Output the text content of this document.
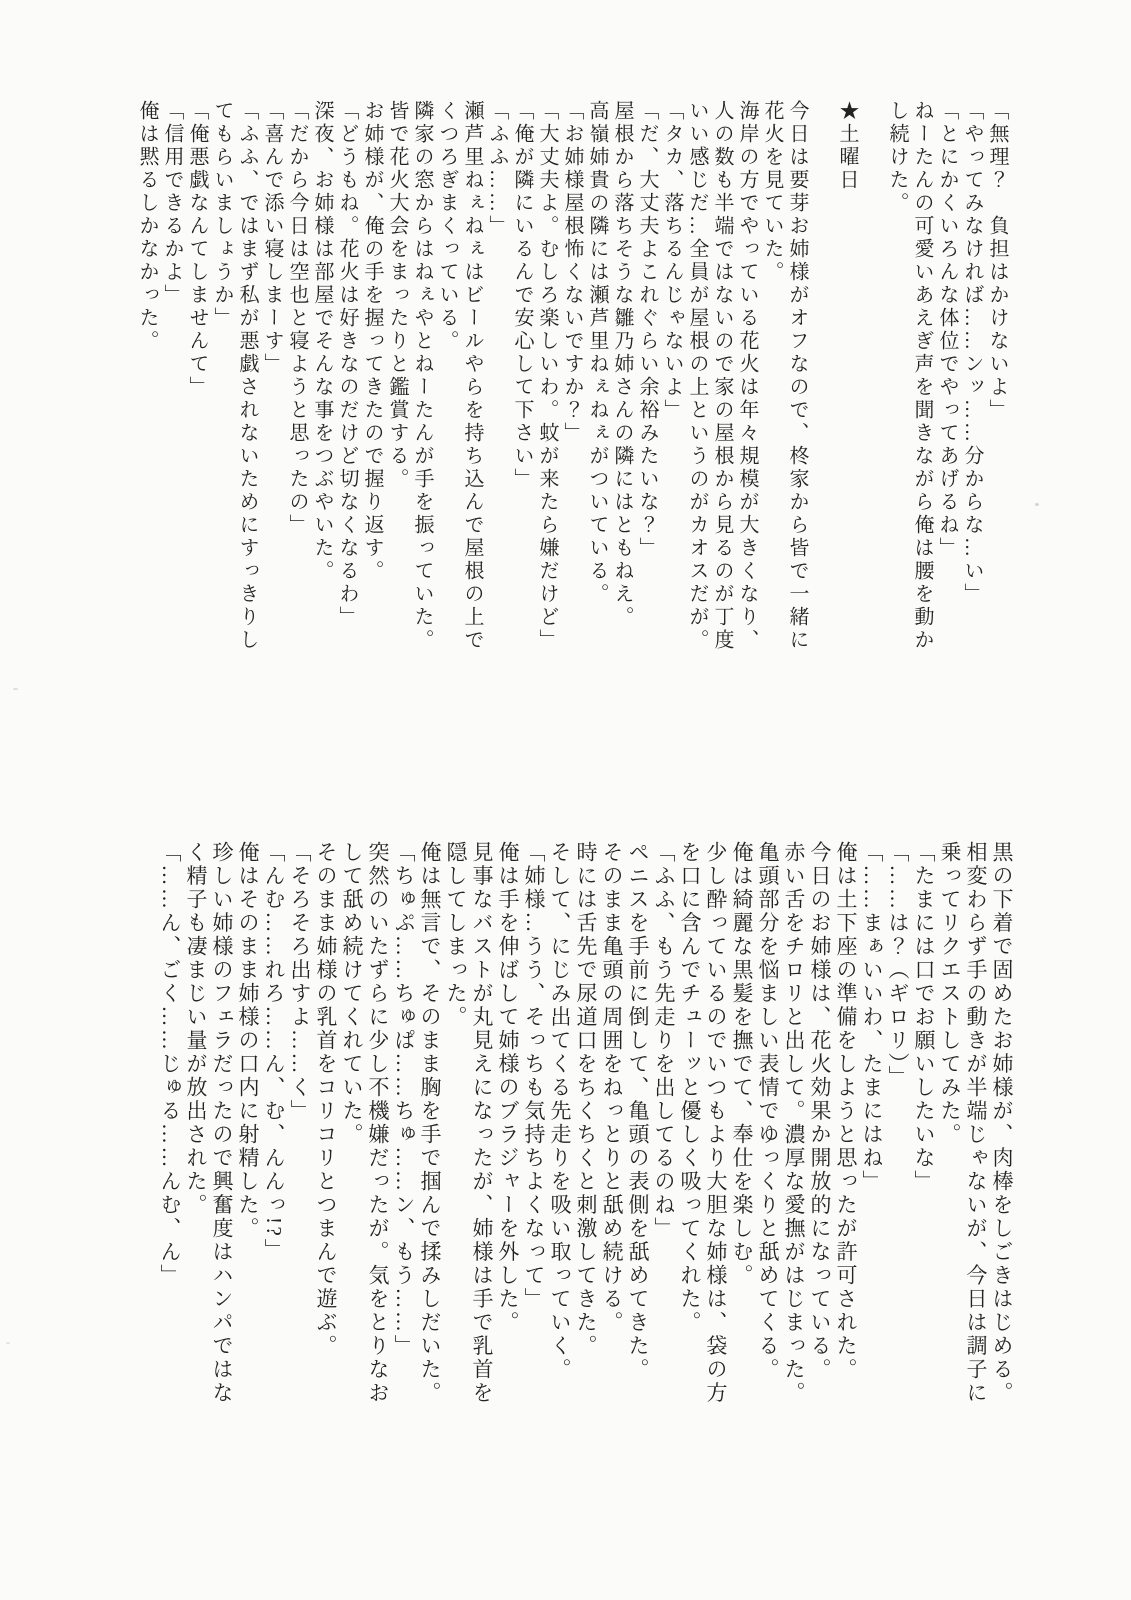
「無理？　負担はかけないよ」
「やってみなければ……ンッ……分からな…い」
「とにかくいろんな体位でやってあげるね」
ねーたんの可愛いあえぎ声を聞きながら俺は腰を動か
し続けた。
★土曜日
今日は要芽お姉様がオフなので、柊家から皆で一緒に
花火を見ていた。
海岸の方でやっている花火は年々規模が大きくなり、
人の数も半端ではないので家の屋根から見るのが丁度
いい感じだ…全員が屋根の上というのがカオスだが。
「タカ、落ちるんじゃないよ」
「だ、大丈夫よこれぐらい余裕みたいな？」
屋根から落ちそうな雛乃姉さんの隣にはともねえ。
高嶺姉貴の隣には瀬芦里ねぇねぇがついている。
「お姉様屋根怖くないですか？」
「大丈夫よ。むしろ楽しいわ。蚊が来たら嫌だけど」
「俺が隣にいるんで安心して下さい」
「ふふ……」
瀬芦里ねぇねぇはビールやらを持ち込んで屋根の上で
くつろぎまくっている。
隣家の窓からはねぇやとねーたんが手を振っていた。
皆で花火大会をまったりと鑑賞する。
お姉様が、俺の手を握ってきたので握り返す。
「どうもね。花火は好きなのだけど切なくなるわ」
深夜、お姉様は部屋でそんな事をつぶやいた。
「だから今日は空也と寝ようと思ったの」
「喜んで添い寝しまーす」
「ふふ、ではまず私が悪戯されないためにすっきりし
てもらいましょうか」
「俺悪戯なんてしませんて」
「信用できるかよ」
俺は黙るしかなかった。
黒の下着で固めたお姉様が、肉棒をしごきはじめる。
相変わらず手の動きが半端じゃないが、今日は調子に
乗ってリクエストしてみた。
「たまには口でお願いしたいな」
「……は？（ギロリ）」
「……まぁいいわ、たまにはね」
俺は土下座の準備をしようと思ったが許可された。
今日のお姉様は、花火効果か開放的になっている。
赤い舌をチロリと出して。濃厚な愛撫がはじまった。
亀頭部分を悩ましい表情でゆっくりと舐めてくる。
俺は綺麗な黒髪を撫でて、奉仕を楽しむ。
少し酔っているのでいつもより大胆な姉様は、袋の方
を口に含んでチューッと優しく吸ってくれた。
「ふふ、もう先走りを出してるのね」
ペニスを手前に倒して、亀頭の表側を舐めてきた。
そのまま亀頭の周囲をねっとりと舐め続ける。
時には舌先で尿道口をちくちくと刺激してきた。
そして、にじみ出てくる先走りを吸い取っていく。
「姉様…うう、そっちも気持ちよくなって」
俺は手を伸ばして姉様のブラジャーを外した。
見事なバストが丸見えになったが、姉様は手で乳首を
隠してしまった。
俺は無言で、そのまま胸を手で掴んで揉みしだいた。
「ちゅぷ……ちゅぱ……ちゅ……ン、もう……」
突然のいたずらに少し不機嫌だったが。気をとりなお
して舐め続けてくれていた。
そのまま姉様の乳首をコリコリとつまんで遊ぶ。
「そろそろ出すよ……く」
「んむ……れろ……ん、む、んんっ!?」
俺はそのまま姉様の口内に射精した。
珍しい姉様のフェラだったので興奮度はハンパではな
く精子も凄まじい量が放出された。
「……ん、ごく……じゅる……んむ、ん」
